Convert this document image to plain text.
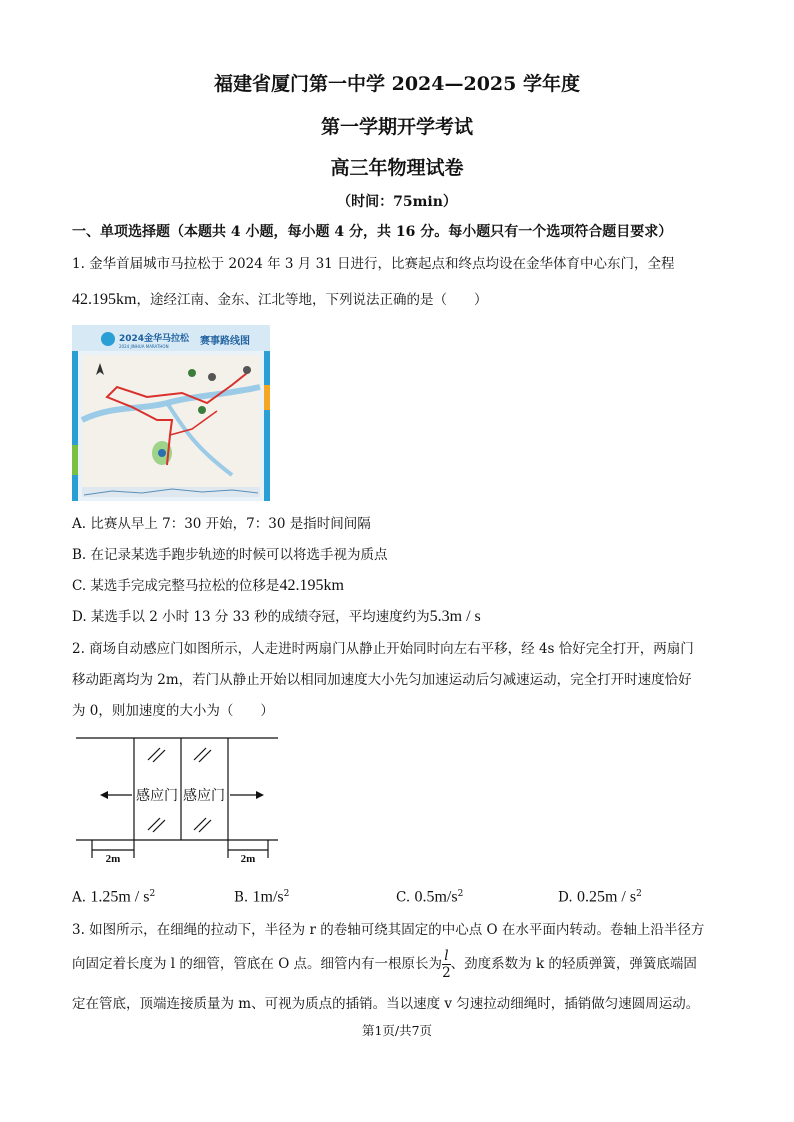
福建省厦门第一中学 2024—2025 学年度
第一学期开学考试
高三年物理试卷
（时间：75min）
一、单项选择题（本题共 4 小题，每小题 4 分，共 16 分。每小题只有一个选项符合题目要求）
1. 金华首届城市马拉松于 2024 年 3 月 31 日进行，比赛起点和终点均设在金华体育中心东门，全程
42.195km，途经江南、金东、江北等地，下列说法正确的是（　　）
2024金华马拉松
2024 JINHUA MARATHON	赛事路线图
A. 比赛从早上 7：30 开始，7：30 是指时间间隔
B. 在记录某选手跑步轨迹的时候可以将选手视为质点
C. 某选手完成完整马拉松的位移是42.195km
D. 某选手以 2 小时 13 分 33 秒的成绩夺冠，平均速度约为5.3m / s
2. 商场自动感应门如图所示，人走进时两扇门从静止开始同时向左右平移，经 4s 恰好完全打开，两扇门
移动距离均为 2m，若门从静止开始以相同加速度大小先匀加速运动后匀减速运动，完全打开时速度恰好
为 0，则加速度的大小为（　　）
感应门 感应门
2m	2m
A. $1.25m / s^2$	B. $1m/s^2$	C. $0.5m/s^2$	D. $0.25m / s^2$
3. 如图所示，在细绳的拉动下，半径为 r 的卷轴可绕其固定的中心点 O 在水平面内转动。卷轴上沿半径方
向固定着长度为 l 的细管，管底在 O 点。细管内有一根原长为 $\frac{l}{2}$ 、劲度系数为 k 的轻质弹簧，弹簧底端固
定在管底，顶端连接质量为 m、可视为质点的插销。当以速度 v 匀速拉动细绳时，插销做匀速圆周运动。
第1页/共7页
